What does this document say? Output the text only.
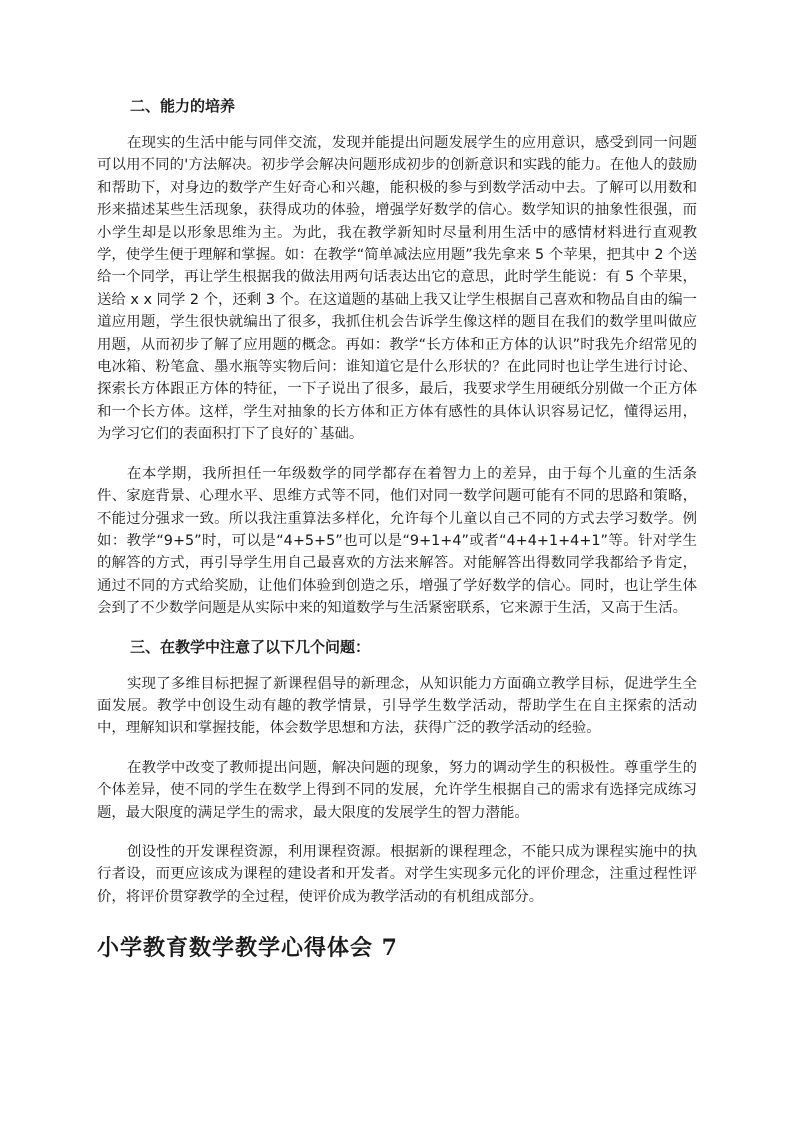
二、能力的培养

在现实的生活中能与同伴交流，发现并能提出问题发展学生的应用意识，感受到同一问题可以用不同的'方法解决。初步学会解决问题形成初步的创新意识和实践的能力。在他人的鼓励和帮助下，对身边的数学产生好奇心和兴趣，能积极的参与到数学活动中去。了解可以用数和形来描述某些生活现象，获得成功的体验，增强学好数学的信心。数学知识的抽象性很强，而小学生却是以形象思维为主。为此，我在教学新知时尽量利用生活中的感情材料进行直观教学，使学生便于理解和掌握。如：在教学“简单减法应用题”我先拿来 5 个苹果，把其中 2 个送给一个同学，再让学生根据我的做法用两句话表达出它的意思，此时学生能说：有 5 个苹果，送给 x x 同学 2 个，还剩 3 个。在这道题的基础上我又让学生根据自己喜欢和物品自由的编一道应用题，学生很快就编出了很多，我抓住机会告诉学生像这样的题目在我们的数学里叫做应用题，从而初步了解了应用题的概念。再如：教学“长方体和正方体的认识”时我先介绍常见的电冰箱、粉笔盒、墨水瓶等实物后问：谁知道它是什么形状的？在此同时也让学生进行讨论、探索长方体跟正方体的特征，一下子说出了很多，最后，我要求学生用硬纸分别做一个正方体和一个长方体。这样，学生对抽象的长方体和正方体有感性的具体认识容易记忆，懂得运用，为学习它们的表面积打下了良好的`基础。

在本学期，我所担任一年级数学的同学都存在着智力上的差异，由于每个儿童的生活条件、家庭背景、心理水平、思维方式等不同，他们对同一数学问题可能有不同的思路和策略，不能过分强求一致。所以我注重算法多样化，允许每个儿童以自己不同的方式去学习数学。例如：教学“9+5”时，可以是“4+5+5”也可以是“9+1+4”或者“4+4+1+4+1”等。针对学生的解答的方式，再引导学生用自己最喜欢的方法来解答。对能解答出得数同学我都给予肯定，通过不同的方式给奖励，让他们体验到创造之乐，增强了学好数学的信心。同时，也让学生体会到了不少数学问题是从实际中来的知道数学与生活紧密联系，它来源于生活，又高于生活。

三、在教学中注意了以下几个问题：

实现了多维目标把握了新课程倡导的新理念，从知识能力方面确立教学目标，促进学生全面发展。教学中创设生动有趣的教学情景，引导学生数学活动，帮助学生在自主探索的活动中，理解知识和掌握技能，体会数学思想和方法，获得广泛的教学活动的经验。

在教学中改变了教师提出问题，解决问题的现象，努力的调动学生的积极性。尊重学生的个体差异，使不同的学生在数学上得到不同的发展，允许学生根据自己的需求有选择完成练习题，最大限度的满足学生的需求，最大限度的发展学生的智力潜能。

创设性的开发课程资源，利用课程资源。根据新的课程理念，不能只成为课程实施中的执行者设，而更应该成为课程的建设者和开发者。对学生实现多元化的评价理念，注重过程性评价，将评价贯穿教学的全过程，使评价成为教学活动的有机组成部分。

小学教育数学教学心得体会 7
